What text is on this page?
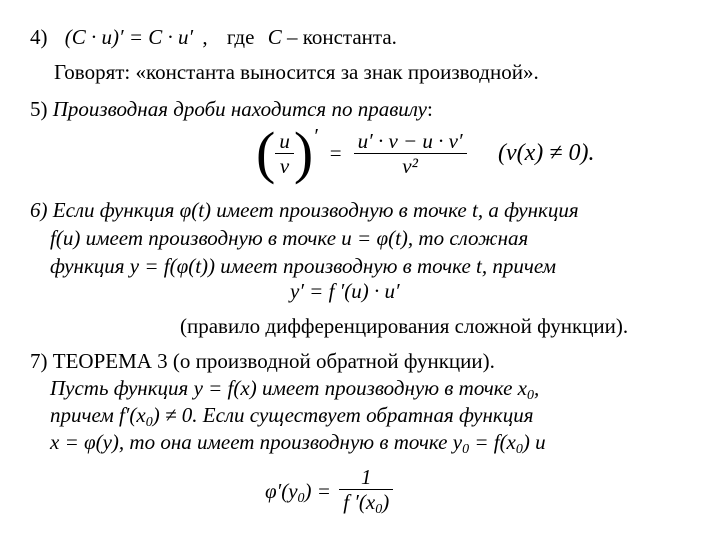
4) (C · u)′ = C · u′ , где C – константа.
Говорят: «константа выносится за знак производной».
5) Производная дроби находится по правилу:
( $\frac{u}{v}$ ) ′
= $\frac{u' \cdot v - u \cdot v'}{\text{v²}} (v(x) \ne 0)$.
6) Если функция φ(t) имеет производную в точке t, а функция
f(u) имеет производную в точке u = φ(t), то сложная
функция y = f(φ(t)) имеет производную в точке t, причем
y′ = f ′(u) · u′
(правило дифференцирования сложной функции).
7) ТЕОРЕМА 3 (о производной обратной функции).
Пусть функция y = f(x) имеет производную в точке $x_0$,
причем $f'(x_0) \ne 0$. Если существует обратная функция
x = φ(y), то она имеет производную в точке $y_0 = f(x_0)$ и
$\varphi'(y_0) = \frac{1}{f '(x_0)}$
